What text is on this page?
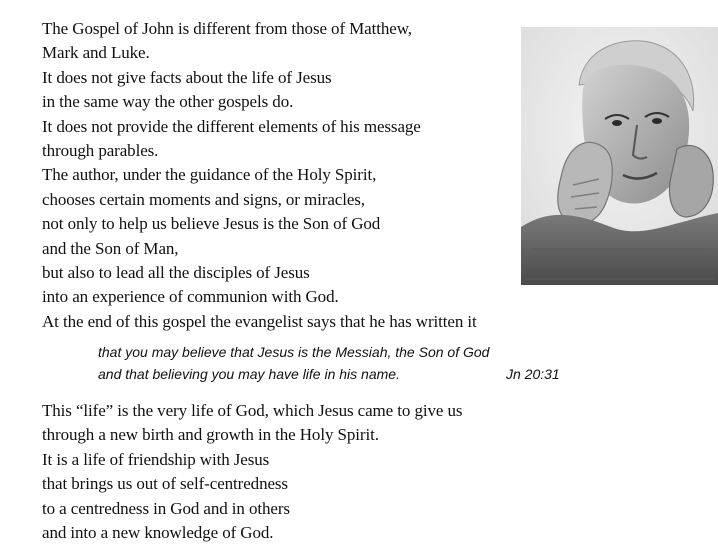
The Gospel of John is different from those of Matthew,
Mark and Luke.
It does not give facts about the life of Jesus
in the same way the other gospels do.
It does not provide the different elements of his message
through parables.
The author, under the guidance of the Holy Spirit,
chooses certain moments and signs, or miracles,
not only to help us believe Jesus is the Son of God
and the Son of Man,
but also to lead all the disciples of Jesus
into an experience of communion with God.
At the end of this gospel the evangelist says that he has written it
that you may believe that Jesus is the Messiah, the Son of God
and that believing you may have life in his name.	Jn 20:31
This “life” is the very life of God, which Jesus came to give us
through a new birth and growth in the Holy Spirit.
It is a life of friendship with Jesus
that brings us out of self-centredness
to a centredness in God and in others
and into a new knowledge of God.
